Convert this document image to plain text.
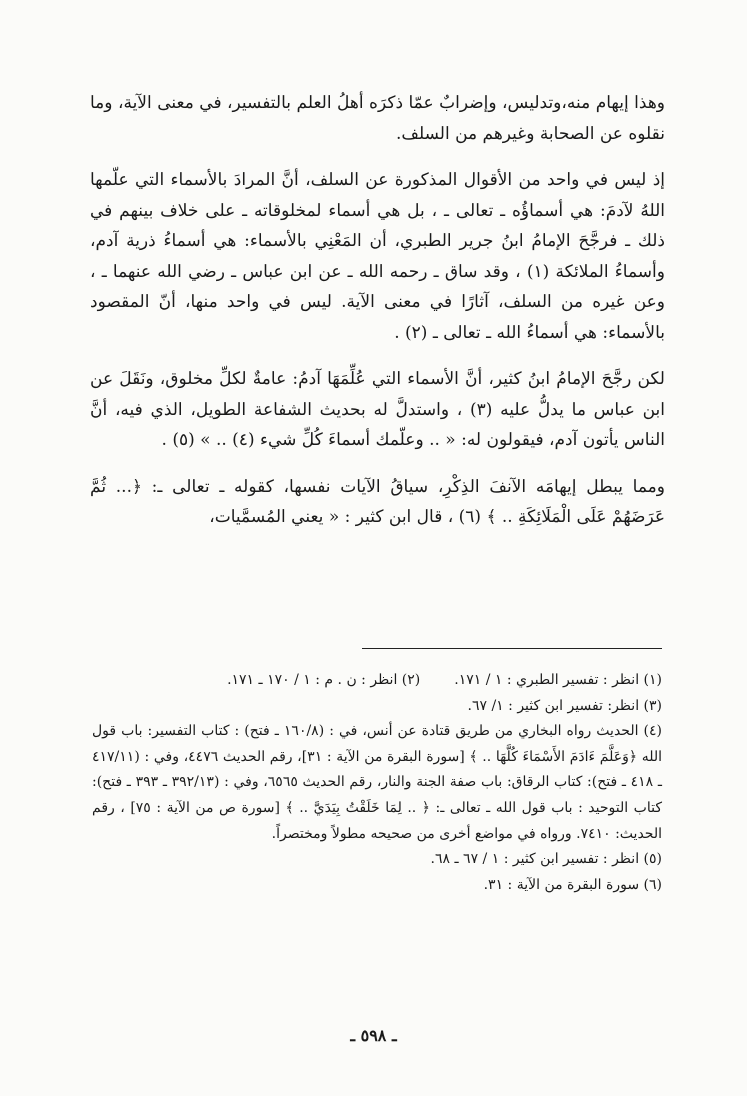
وهذا إيهام منه،وتدليس، وإضرابٌ عمّا ذكرَه أهلُ العلم بالتفسير، في معنى الآية، وما نقلوه عن الصحابة وغيرهم من السلف.

إذ ليس في واحد من الأقوال المذكورة عن السلف، أنَّ المرادَ بالأسماء التي علّمها اللهُ لآدمَ: هي أسماؤُه ـ تعالى ـ ، بل هي أسماء لمخلوقاته ـ على خلاف بينهم في ذلك ـ فرجَّحَ الإمامُ ابنُ جرير الطبري، أن المَعْنِي بالأسماء: هي أسماءُ ذرية آدم، وأسماءُ الملائكة (١) ، وقد ساق ـ رحمه الله ـ عن ابن عباس ـ رضي الله عنهما ـ ، وعن غيره من السلف، آثارًا في معنى الآية. ليس في واحد منها، أنّ المقصود بالأسماء: هي أسماءُ الله ـ تعالى ـ (٢) .

لكن رجَّحَ الإمامُ ابنُ كثير، أنَّ الأسماء التي عُلِّمَهَا آدمُ: عامةٌ لكلِّ مخلوق، ونَقَلَ عن ابن عباس ما يدلُّ عليه (٣) ، واستدلَّ له بحديث الشفاعة الطويل، الذي فيه، أنَّ الناس يأتون آدم، فيقولون له: « .. وعلّمك أسماءَ كُلِّ شيء (٤) .. » (٥) .

ومما يبطل إيهامَه الآنفَ الذِكْرِ، سياقُ الآيات نفسها، كقوله ـ تعالى ـ: ﴿... ثُمَّ عَرَضَهُمْ عَلَى الْمَلَائِكَةِ .. ﴾ (٦) ، قال ابن كثير : « يعني المُسمَّيات،

(١) انظر : تفسير الطبري : ١ / ١٧١.
(٢) انظر : ن . م : ١ / ١٧٠ ـ ١٧١.

(٣) انظر: تفسير ابن كثير : ١/ ٦٧.

(٤) الحديث رواه البخاري من طريق قتادة عن أنس، في : (١٦٠/٨ ـ فتح) : كتاب التفسير: باب قول الله ﴿وَعَلَّمَ ءَادَمَ الأَسْمَاءَ كُلَّهَا .. ﴾ [سورة البقرة من الآية : ٣١]، رقم الحديث ٤٤٧٦، وفي : (٤١٧/١١ ـ ٤١٨ ـ فتح): كتاب الرقاق: باب صفة الجنة والنار، رقم الحديث ٦٥٦٥، وفي : (٣٩٢/١٣ ـ ٣٩٣ ـ فتح): كتاب التوحيد : باب قول الله ـ تعالى ـ: ﴿ .. لِمَا خَلَقْتُ بِيَدَيَّ .. ﴾ [سورة ص من الآية : ٧٥] ، رقم الحديث: ٧٤١٠. ورواه في مواضع أخرى من صحيحه مطولاً ومختصراً.

(٥) انظر : تفسير ابن كثير : ١ / ٦٧ ـ ٦٨.

(٦) سورة البقرة من الآية : ٣١.

ـ ٥٩٨ ـ
